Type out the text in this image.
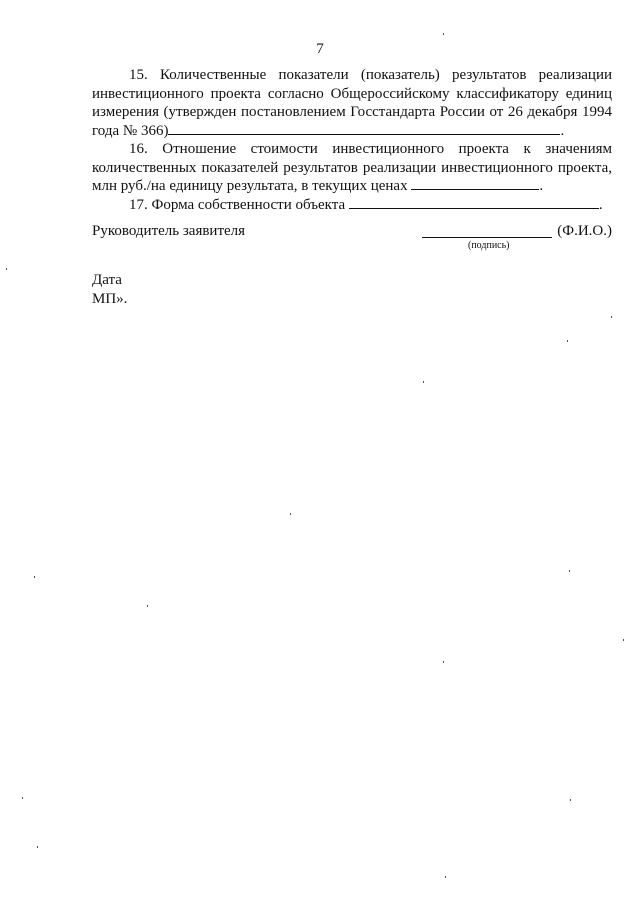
7

15. Количественные показатели (показатель) результатов реализации инвестиционного проекта согласно Общероссийскому классификатору единиц измерения (утвержден постановлением Госстандарта России от 26 декабря 1994 года № 366)	.

16. Отношение стоимости инвестиционного проекта к значениям количественных показателей результатов реализации инвестиционного проекта, млн руб./на единицу результата, в текущих ценах	.

17. Форма собственности объекта	.

Руководитель заявителя	(Ф.И.О.)
(подпись)
Дата
МП».
